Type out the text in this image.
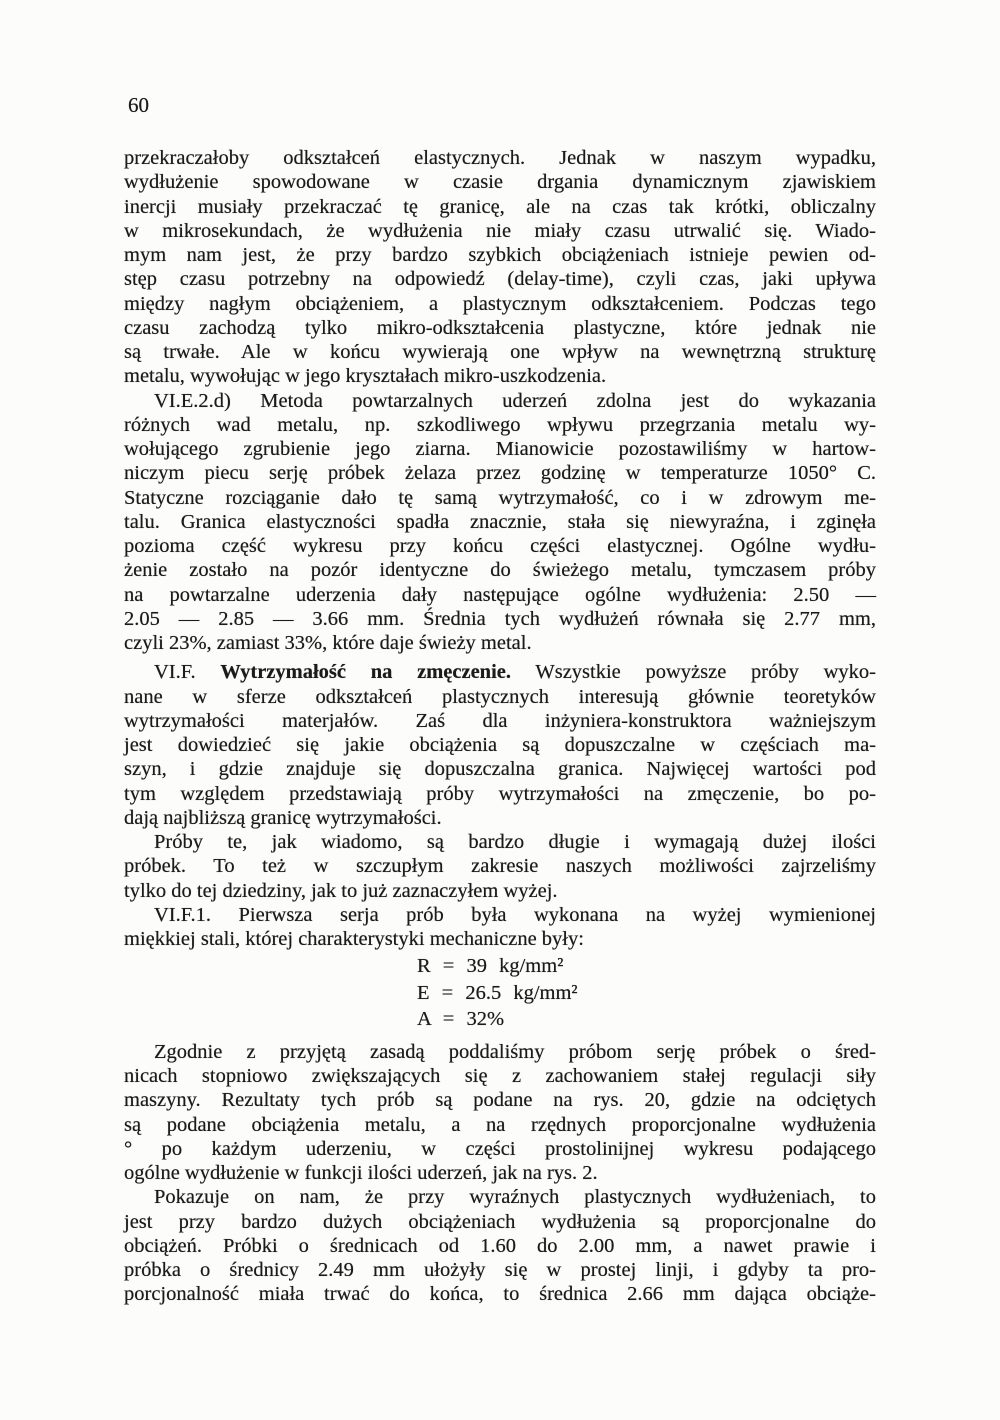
60
przekraczałoby odkształceń elastycznych. Jednak w naszym wypadku,
wydłużenie spowodowane w czasie drgania dynamicznym zjawiskiem
inercji musiały przekraczać tę granicę, ale na czas tak krótki, obliczalny
w mikrosekundach, że wydłużenia nie miały czasu utrwalić się. Wiado-
mym nam jest, że przy bardzo szybkich obciążeniach istnieje pewien od-
stęp czasu potrzebny na odpowiedź (delay-time), czyli czas, jaki upływa
między nagłym obciążeniem, a plastycznym odkształceniem. Podczas tego
czasu zachodzą tylko mikro-odkształcenia plastyczne, które jednak nie
są trwałe. Ale w końcu wywierają one wpływ na wewnętrzną strukturę
metalu, wywołując w jego kryształach mikro-uszkodzenia.
VI.E.2.d) Metoda powtarzalnych uderzeń zdolna jest do wykazania
różnych wad metalu, np. szkodliwego wpływu przegrzania metalu wy-
wołującego zgrubienie jego ziarna. Mianowicie pozostawiliśmy w hartow-
niczym piecu serję próbek żelaza przez godzinę w temperaturze 1050° C.
Statyczne rozciąganie dało tę samą wytrzymałość, co i w zdrowym me-
talu. Granica elastyczności spadła znacznie, stała się niewyraźna, i zginęła
pozioma część wykresu przy końcu części elastycznej. Ogólne wydłu-
żenie zostało na pozór identyczne do świeżego metalu, tymczasem próby
na powtarzalne uderzenia dały następujące ogólne wydłużenia: 2.50 —
2.05 — 2.85 — 3.66 mm. Średnia tych wydłużeń równała się 2.77 mm,
czyli 23%, zamiast 33%, które daje świeży metal.
VI.F. Wytrzymałość na zmęczenie. Wszystkie powyższe próby wyko-
nane w sferze odkształceń plastycznych interesują głównie teoretyków
wytrzymałości materjałów. Zaś dla inżyniera-konstruktora ważniejszym
jest dowiedzieć się jakie obciążenia są dopuszczalne w częściach ma-
szyn, i gdzie znajduje się dopuszczalna granica. Najwięcej wartości pod
tym względem przedstawiają próby wytrzymałości na zmęczenie, bo po-
dają najbliższą granicę wytrzymałości.
Próby te, jak wiadomo, są bardzo długie i wymagają dużej ilości
próbek. To też w szczupłym zakresie naszych możliwości zajrzeliśmy
tylko do tej dziedziny, jak to już zaznaczyłem wyżej.
VI.F.1. Pierwsza serja prób była wykonana na wyżej wymienionej
miękkiej stali, której charakterystyki mechaniczne były:
R = 39 kg/mm²
E = 26.5 kg/mm²
A = 32%
Zgodnie z przyjętą zasadą poddaliśmy próbom serję próbek o śred-
nicach stopniowo zwiększających się z zachowaniem stałej regulacji siły
maszyny. Rezultaty tych prób są podane na rys. 20, gdzie na odciętych
są podane obciążenia metalu, a na rzędnych proporcjonalne wydłużenia
° po każdym uderzeniu, w części prostolinijnej wykresu podającego
ogólne wydłużenie w funkcji ilości uderzeń, jak na rys. 2.
Pokazuje on nam, że przy wyraźnych plastycznych wydłużeniach, to
jest przy bardzo dużych obciążeniach wydłużenia są proporcjonalne do
obciążeń. Próbki o średnicach od 1.60 do 2.00 mm, a nawet prawie i
próbka o średnicy 2.49 mm ułożyły się w prostej linji, i gdyby ta pro-
porcjonalność miała trwać do końca, to średnica 2.66 mm dająca obciąże-
